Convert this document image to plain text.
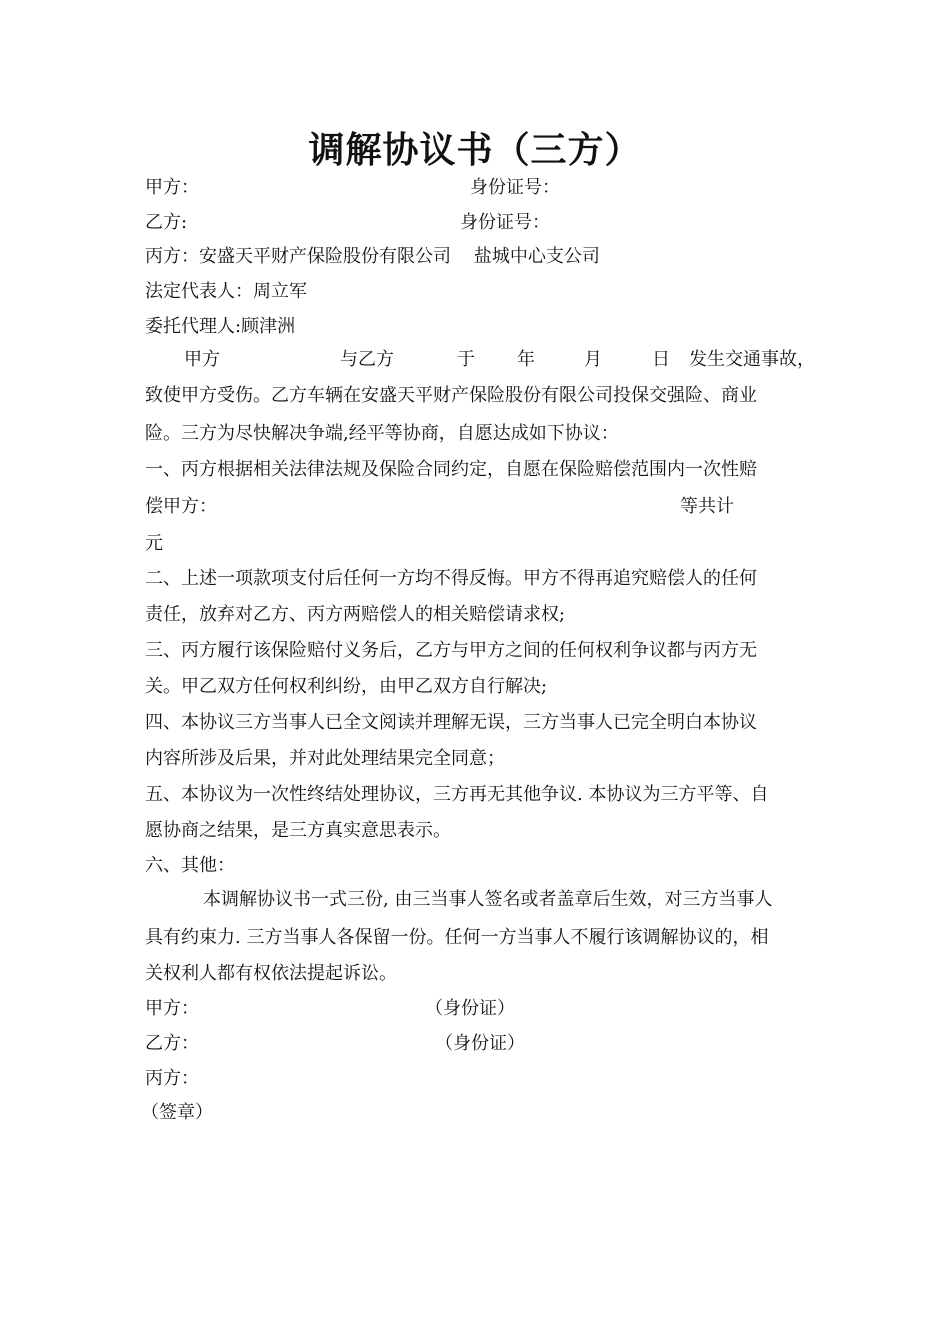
调解协议书（三方）
甲方：	身份证号：
乙方:	身份证号：
丙方：安盛天平财产保险股份有限公司    盐城中心支公司
法定代表人：周立军
委托代理人:顾津洲
甲方	与乙方	于 年	月	日 发生交通事故，
致使甲方受伤。乙方车辆在安盛天平财产保险股份有限公司投保交强险、商业
险。三方为尽快解决争端,经平等协商，自愿达成如下协议：
一、丙方根据相关法律法规及保险合同约定，自愿在保险赔偿范围内一次性赔
偿甲方：	等共计
元
二、上述一项款项支付后任何一方均不得反悔。甲方不得再追究赔偿人的任何
责任，放弃对乙方、丙方两赔偿人的相关赔偿请求权;
三、丙方履行该保险赔付义务后，乙方与甲方之间的任何权利争议都与丙方无
关。甲乙双方任何权利纠纷，由甲乙双方自行解决;
四、本协议三方当事人已全文阅读并理解无误，三方当事人已完全明白本协议
内容所涉及后果，并对此处理结果完全同意；
五、本协议为一次性终结处理协议，三方再无其他争议. 本协议为三方平等、自
愿协商之结果，是三方真实意思表示。
六、其他：
本调解协议书一式三份, 由三当事人签名或者盖章后生效，对三方当事人
具有约束力. 三方当事人各保留一份。任何一方当事人不履行该调解协议的，相
关权利人都有权依法提起诉讼。
甲方：	（身份证）
乙方：	（身份证）
丙方：
（签章）
